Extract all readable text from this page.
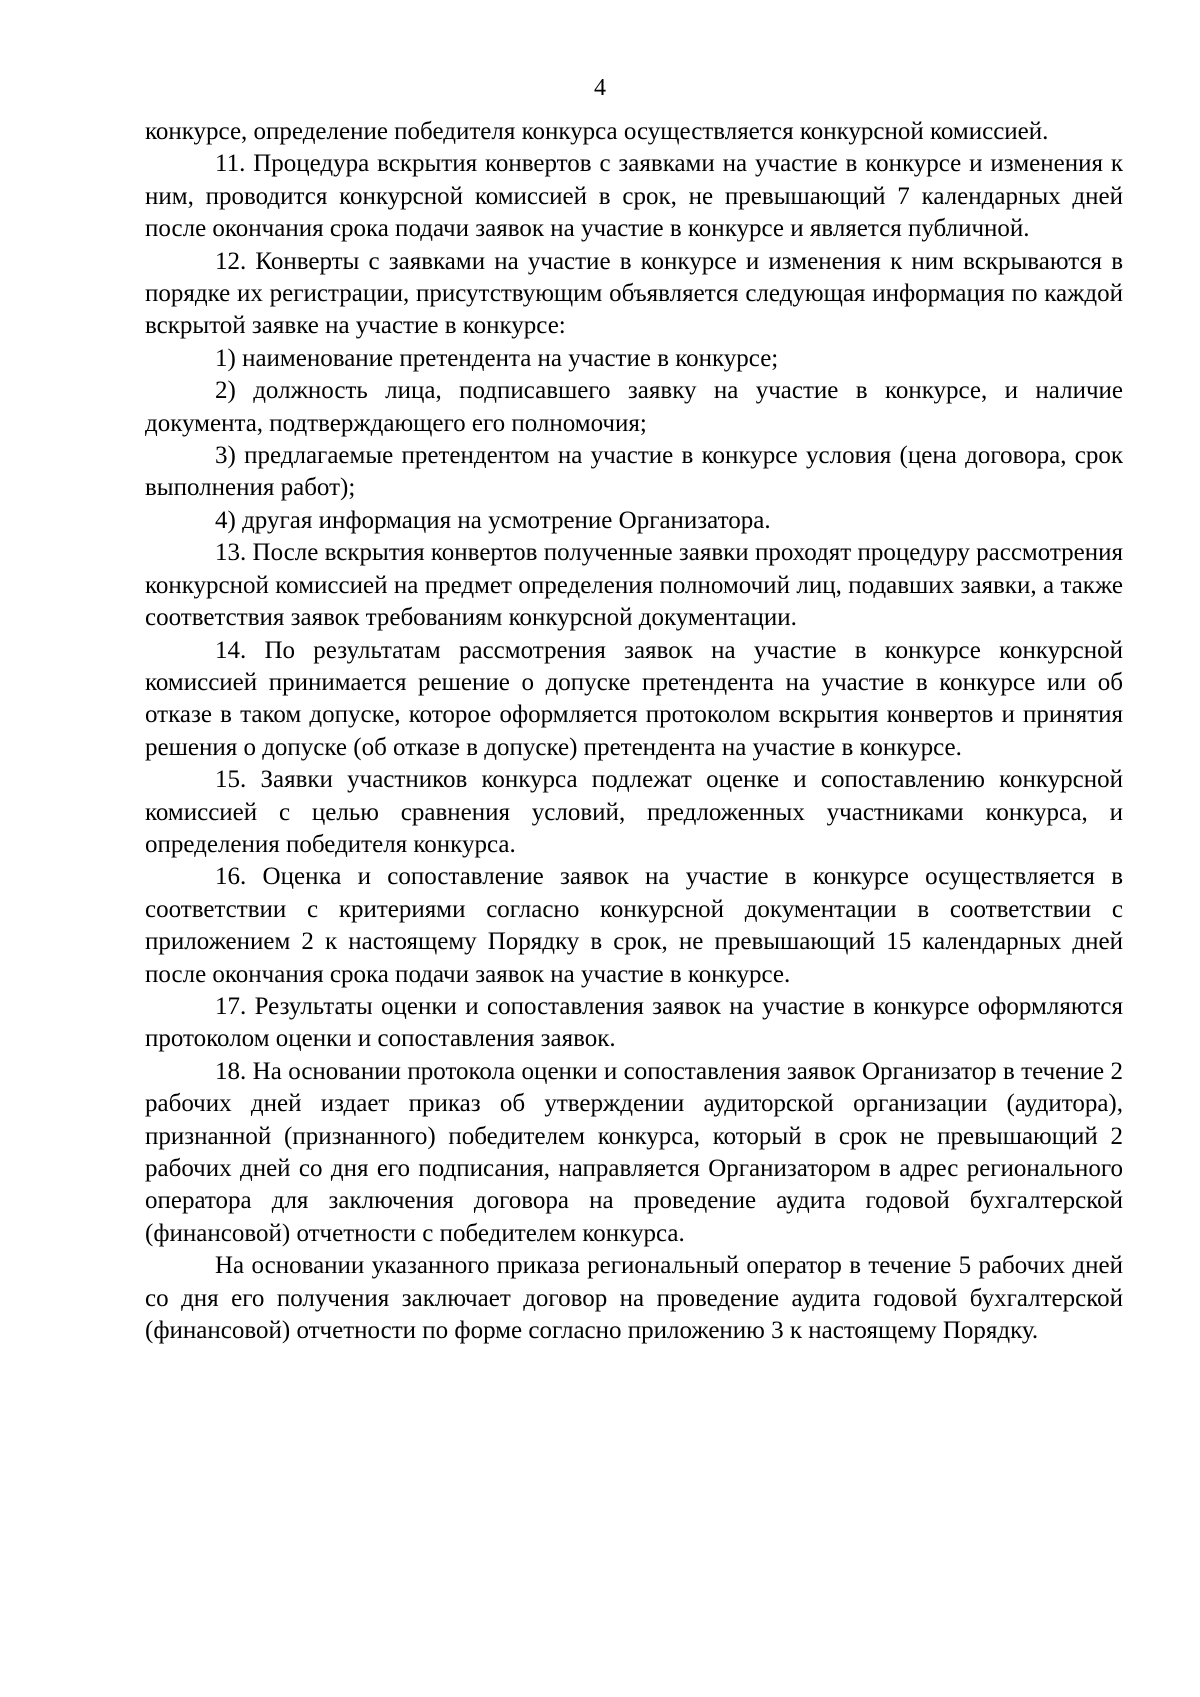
4

конкурсе, определение победителя конкурса осуществляется конкурсной комиссией.

11. Процедура вскрытия конвертов с заявками на участие в конкурсе и изменения к ним, проводится конкурсной комиссией в срок, не превышающий 7 календарных дней после окончания срока подачи заявок на участие в конкурсе и является публичной.

12. Конверты с заявками на участие в конкурсе и изменения к ним вскрываются в порядке их регистрации, присутствующим объявляется следующая информация по каждой вскрытой заявке на участие в конкурсе:

1) наименование претендента на участие в конкурсе;

2) должность лица, подписавшего заявку на участие в конкурсе, и наличие документа, подтверждающего его полномочия;

3) предлагаемые претендентом на участие в конкурсе условия (цена договора, срок выполнения работ);

4) другая информация на усмотрение Организатора.

13. После вскрытия конвертов полученные заявки проходят процедуру рассмотрения конкурсной комиссией на предмет определения полномочий лиц, подавших заявки, а также соответствия заявок требованиям конкурсной документации.

14. По результатам рассмотрения заявок на участие в конкурсе конкурсной комиссией принимается решение о допуске претендента на участие в конкурсе или об отказе в таком допуске, которое оформляется протоколом вскрытия конвертов и принятия решения о допуске (об отказе в допуске) претендента на участие в конкурсе.

15. Заявки участников конкурса подлежат оценке и сопоставлению конкурсной комиссией с целью сравнения условий, предложенных участниками конкурса, и определения победителя конкурса.

16. Оценка и сопоставление заявок на участие в конкурсе осуществляется в соответствии с критериями согласно конкурсной документации в соответствии с приложением 2 к настоящему Порядку в срок, не превышающий 15 календарных дней после окончания срока подачи заявок на участие в конкурсе.

17. Результаты оценки и сопоставления заявок на участие в конкурсе оформляются протоколом оценки и сопоставления заявок.

18. На основании протокола оценки и сопоставления заявок Организатор в течение 2 рабочих дней издает приказ об утверждении аудиторской организации (аудитора), признанной (признанного) победителем конкурса, который в срок не превышающий 2 рабочих дней со дня его подписания, направляется Организатором в адрес регионального оператора для заключения договора на проведение аудита годовой бухгалтерской (финансовой) отчетности с победителем конкурса.

На основании указанного приказа региональный оператор в течение 5 рабочих дней со дня его получения заключает договор на проведение аудита годовой бухгалтерской (финансовой) отчетности по форме согласно приложению 3 к настоящему Порядку.
